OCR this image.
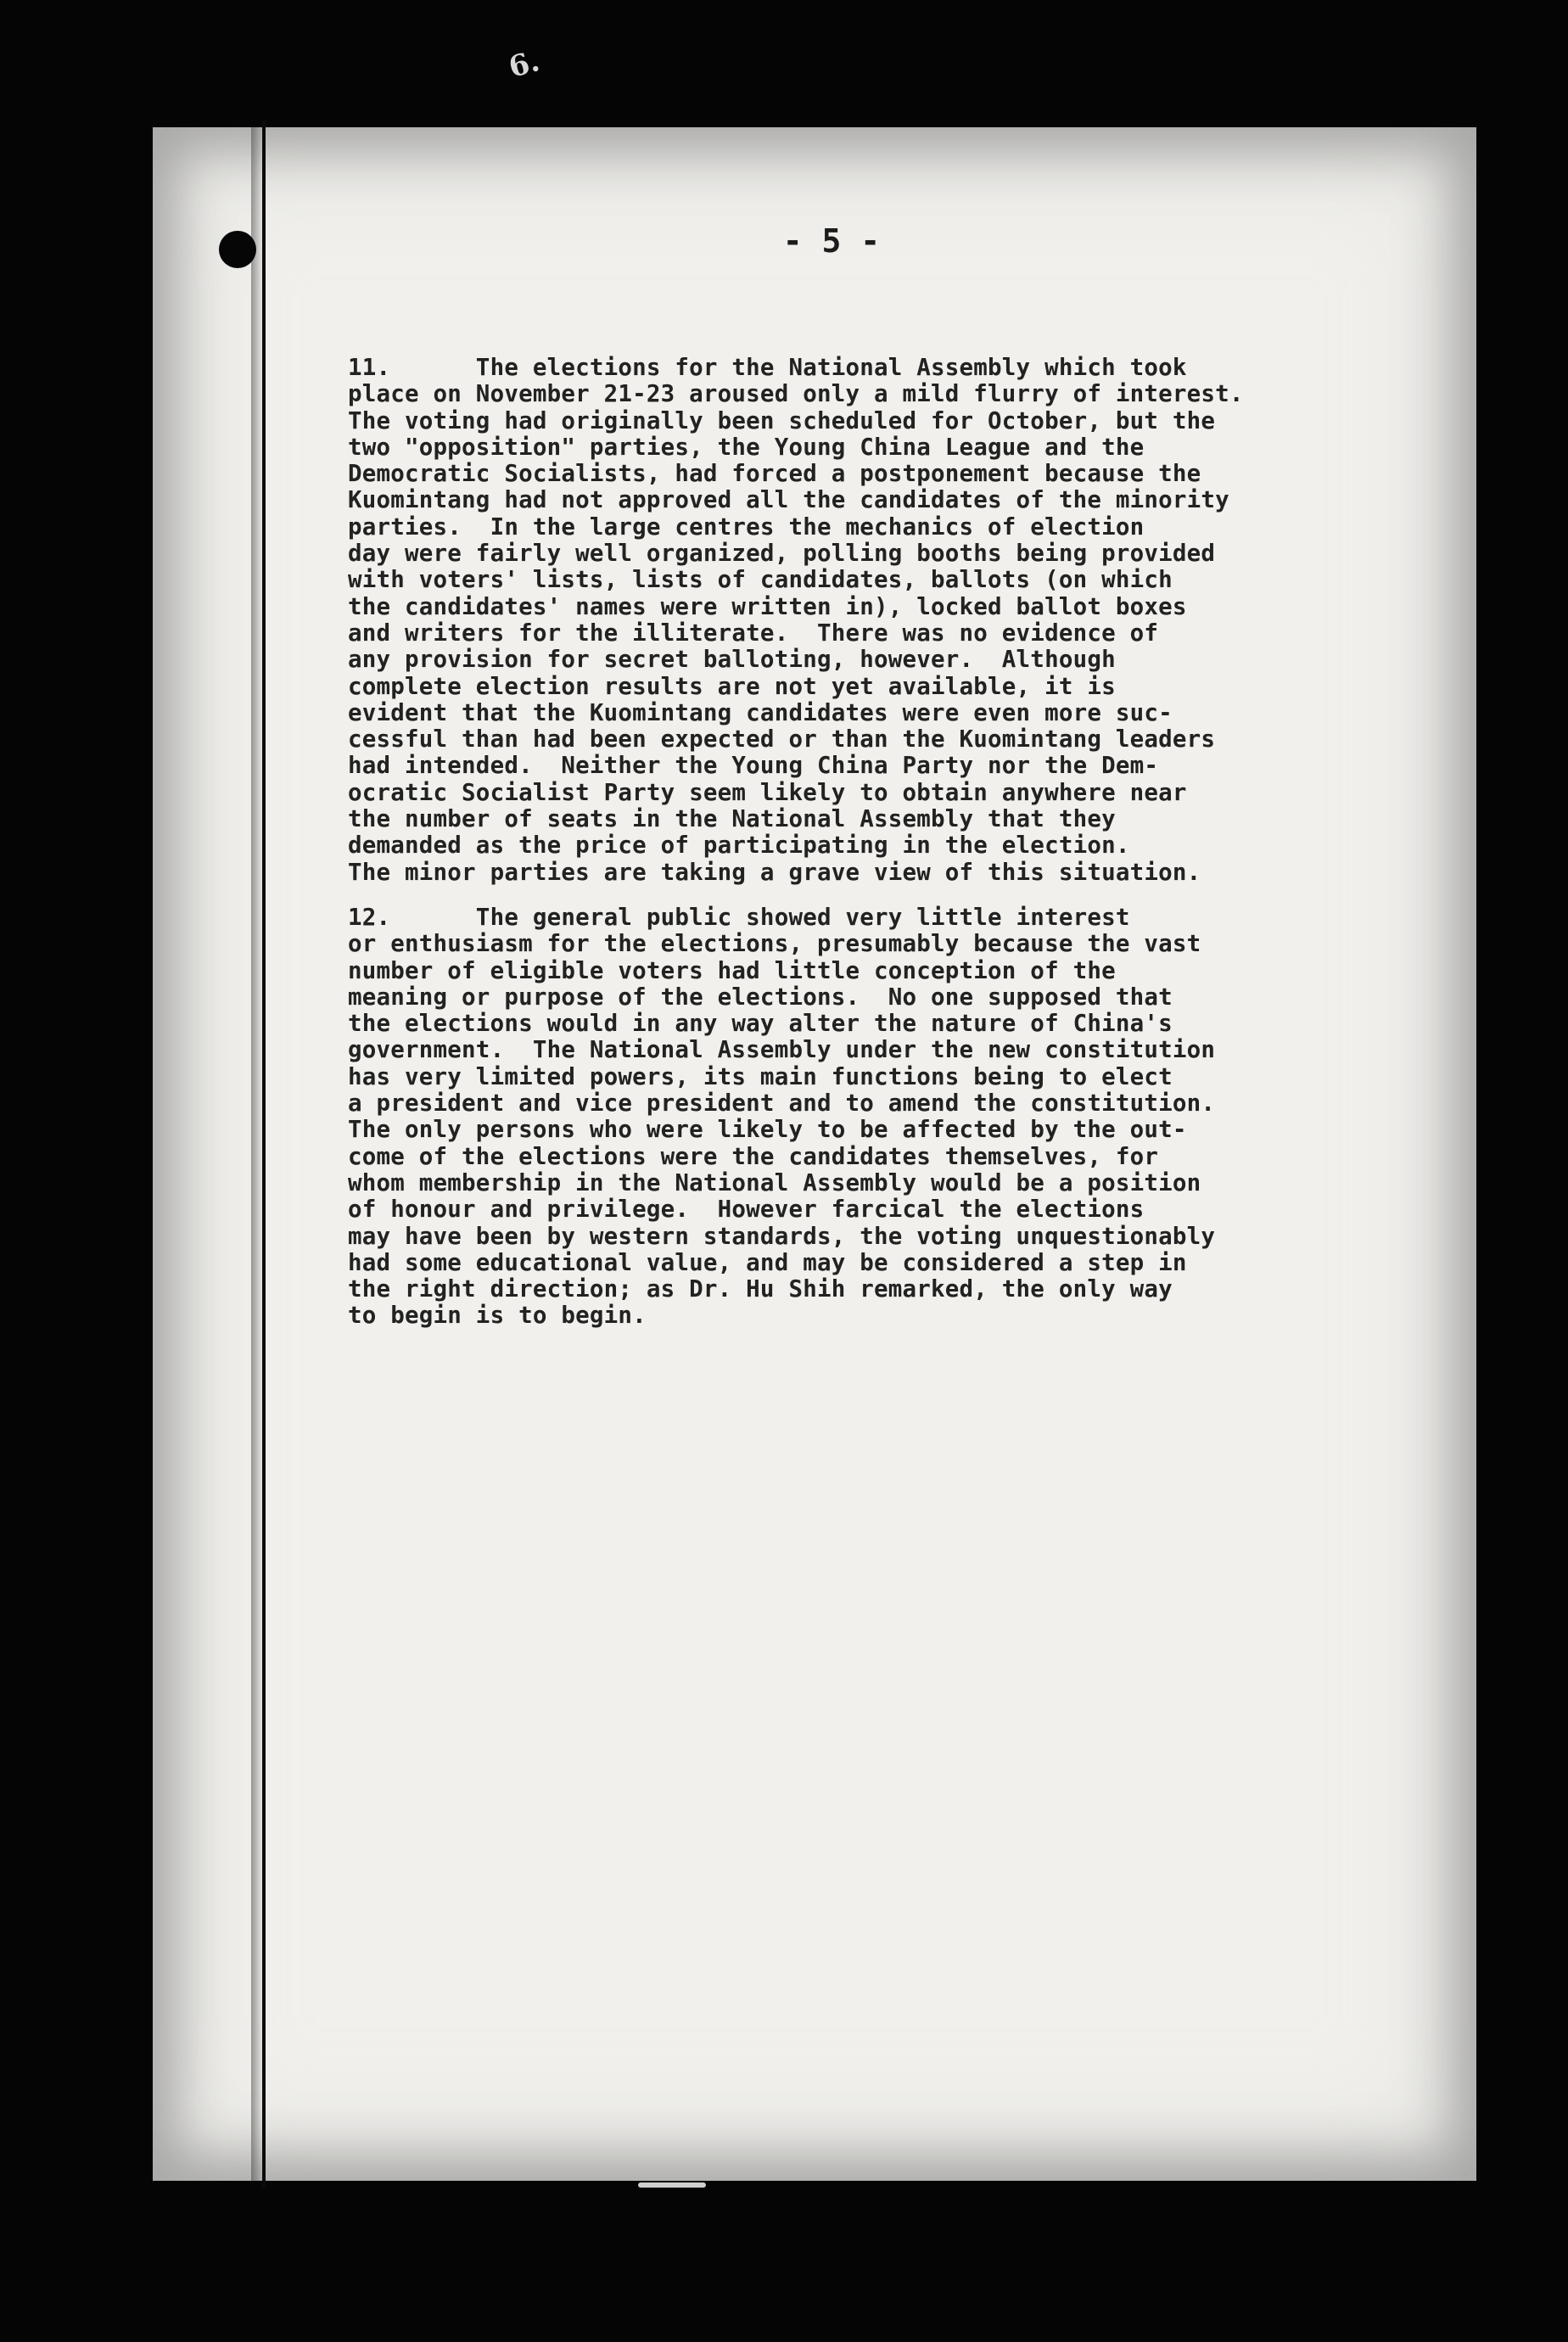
6.
- 5 -
11.      The elections for the National Assembly which took
place on November 21-23 aroused only a mild flurry of interest.
The voting had originally been scheduled for October, but the
two "opposition" parties, the Young China League and the
Democratic Socialists, had forced a postponement because the
Kuomintang had not approved all the candidates of the minority
parties.  In the large centres the mechanics of election
day were fairly well organized, polling booths being provided
with voters' lists, lists of candidates, ballots (on which
the candidates' names were written in), locked ballot boxes
and writers for the illiterate.  There was no evidence of
any provision for secret balloting, however.  Although
complete election results are not yet available, it is
evident that the Kuomintang candidates were even more suc-
cessful than had been expected or than the Kuomintang leaders
had intended.  Neither the Young China Party nor the Dem-
ocratic Socialist Party seem likely to obtain anywhere near
the number of seats in the National Assembly that they
demanded as the price of participating in the election.
The minor parties are taking a grave view of this situation.
12.      The general public showed very little interest
or enthusiasm for the elections, presumably because the vast
number of eligible voters had little conception of the
meaning or purpose of the elections.  No one supposed that
the elections would in any way alter the nature of China's
government.  The National Assembly under the new constitution
has very limited powers, its main functions being to elect
a president and vice president and to amend the constitution.
The only persons who were likely to be affected by the out-
come of the elections were the candidates themselves, for
whom membership in the National Assembly would be a position
of honour and privilege.  However farcical the elections
may have been by western standards, the voting unquestionably
had some educational value, and may be considered a step in
the right direction; as Dr. Hu Shih remarked, the only way
to begin is to begin.
